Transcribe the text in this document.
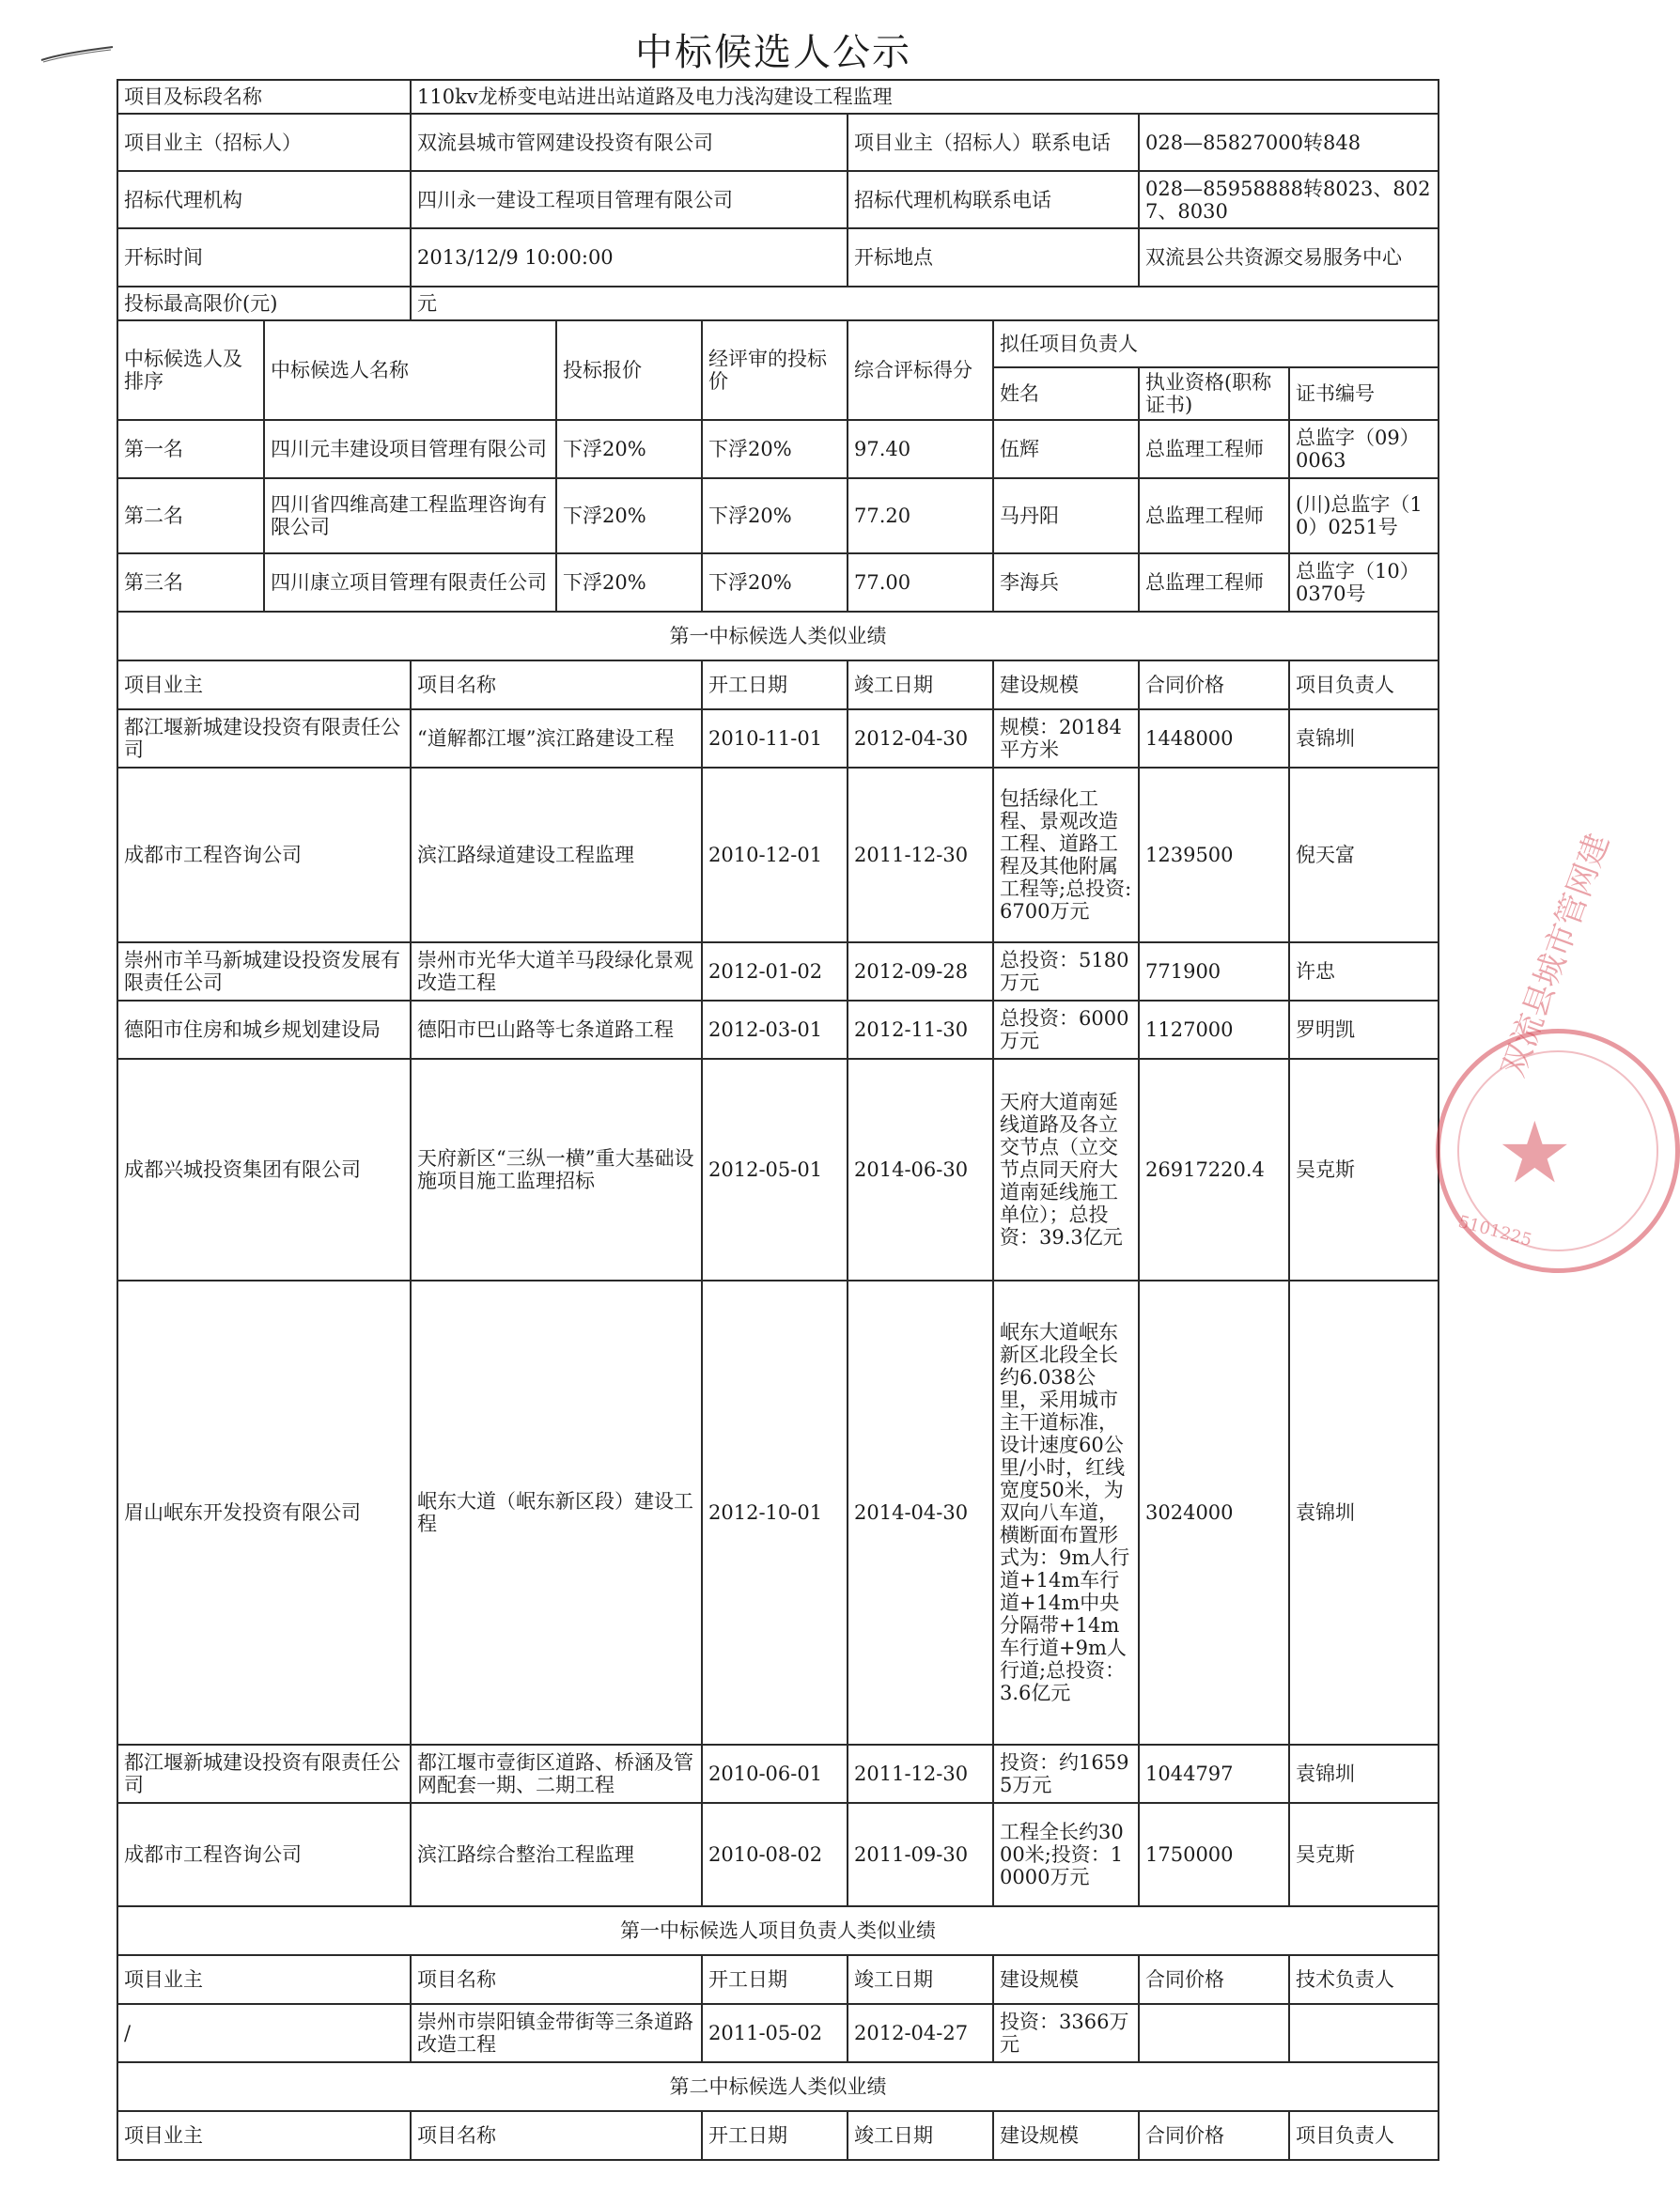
中标候选人公示
项目及标段名称		110kv龙桥变电站进出站道路及电力浅沟建设工程监理						
项目业主（招标人）		双流县城市管网建设投资有限公司			项目业主（招标人）联系电话		028—85827000转848	
招标代理机构		四川永一建设工程项目管理有限公司			招标代理机构联系电话		028—85958888转8023、8027、8030	
开标时间		2013/12/9 10:00:00			开标地点		双流县公共资源交易服务中心	
投标最高限价(元)		元						
中标候选人及排序	中标候选人名称		投标报价	经评审的投标价	综合评标得分	拟任项目负责人		
						姓名	执业资格(职称证书)	证书编号
第一名	四川元丰建设项目管理有限公司		下浮20%	下浮20%	97.40	伍辉	总监理工程师	总监字（09）0063
第二名	四川省四维高建工程监理咨询有限公司		下浮20%	下浮20%	77.20	马丹阳	总监理工程师	(川)总监字（10）0251号
第三名	四川康立项目管理有限责任公司		下浮20%	下浮20%	77.00	李海兵	总监理工程师	总监字（10）0370号
第一中标候选人类似业绩								
项目业主		项目名称		开工日期	竣工日期	建设规模	合同价格	项目负责人
都江堰新城建设投资有限责任公司		“道解都江堰”滨江路建设工程		2010-11-01	2012-04-30	规模：20184平方米	1448000	袁锦圳
成都市工程咨询公司		滨江路绿道建设工程监理		2010-12-01	2011-12-30	包括绿化工程、景观改造工程、道路工程及其他附属工程等;总投资:6700万元	1239500	倪天富
崇州市羊马新城建设投资发展有限责任公司		崇州市光华大道羊马段绿化景观改造工程		2012-01-02	2012-09-28	总投资：5180万元	771900	许忠
德阳市住房和城乡规划建设局		德阳市巴山路等七条道路工程		2012-03-01	2012-11-30	总投资：6000万元	1127000	罗明凯
成都兴城投资集团有限公司		天府新区“三纵一横”重大基础设施项目施工监理招标		2012-05-01	2014-06-30	天府大道南延线道路及各立交节点（立交节点同天府大道南延线施工单位）；总投资：39.3亿元	26917220.4	吴克斯
眉山岷东开发投资有限公司		岷东大道（岷东新区段）建设工程		2012-10-01	2014-04-30	岷东大道岷东新区北段全长约6.038公里，采用城市主干道标准，设计速度60公里/小时，红线宽度50米，为双向八车道，横断面布置形式为：9m人行道+14m车行道+14m中央分隔带+14m车行道+9m人行道;总投资：3.6亿元	3024000	袁锦圳
都江堰新城建设投资有限责任公司		都江堰市壹街区道路、桥涵及管网配套一期、二期工程		2010-06-01	2011-12-30	投资：约16595万元	1044797	袁锦圳
成都市工程咨询公司		滨江路综合整治工程监理		2010-08-02	2011-09-30	工程全长约3000米;投资：10000万元	1750000	吴克斯
第一中标候选人项目负责人类似业绩								
项目业主		项目名称		开工日期	竣工日期	建设规模	合同价格	技术负责人
/		崇州市崇阳镇金带街等三条道路改造工程		2011-05-02	2012-04-27	投资：3366万元		
第二中标候选人类似业绩								
项目业主		项目名称		开工日期	竣工日期	建设规模	合同价格	项目负责人
★
双流县城市管网建
5101225
